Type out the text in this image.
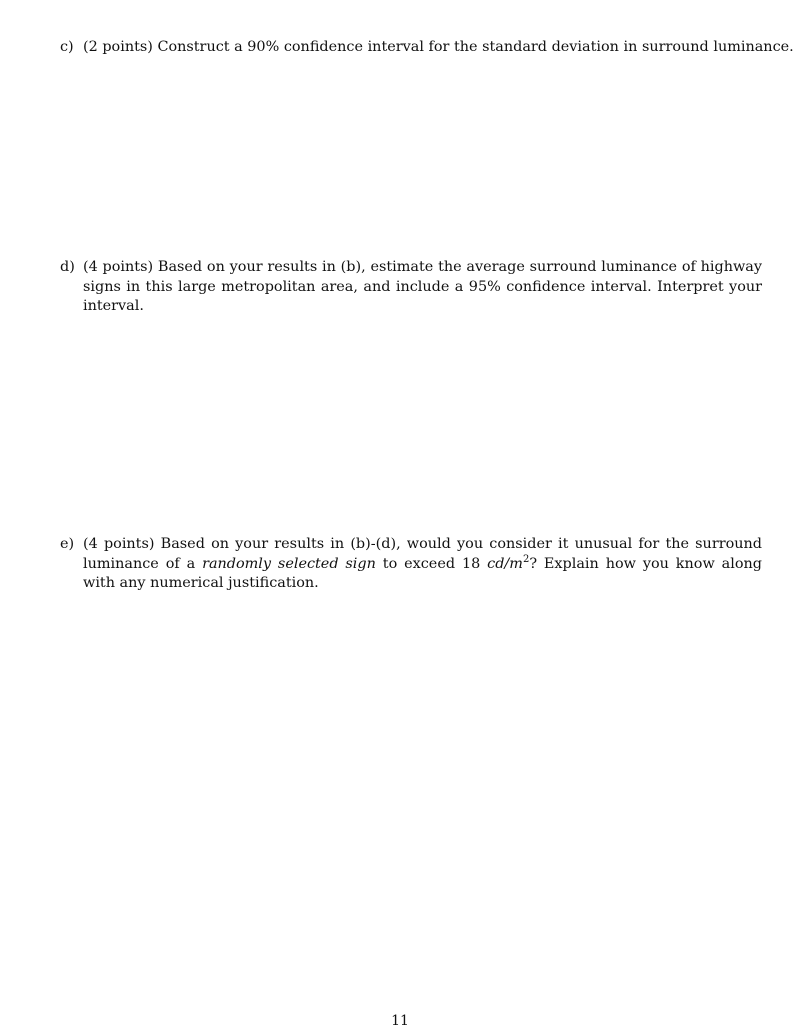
c) (2 points) Construct a 90% confidence interval for the standard deviation in surround luminance.
d) (4 points) Based on your results in (b), estimate the average surround luminance of highway signs in this large metropolitan area, and include a 95% confidence interval. Interpret your interval.
e) (4 points) Based on your results in (b)-(d), would you consider it unusual for the surround luminance of a randomly selected sign to exceed 18 $cd/m^2$? Explain how you know along with any numerical justification.
11
